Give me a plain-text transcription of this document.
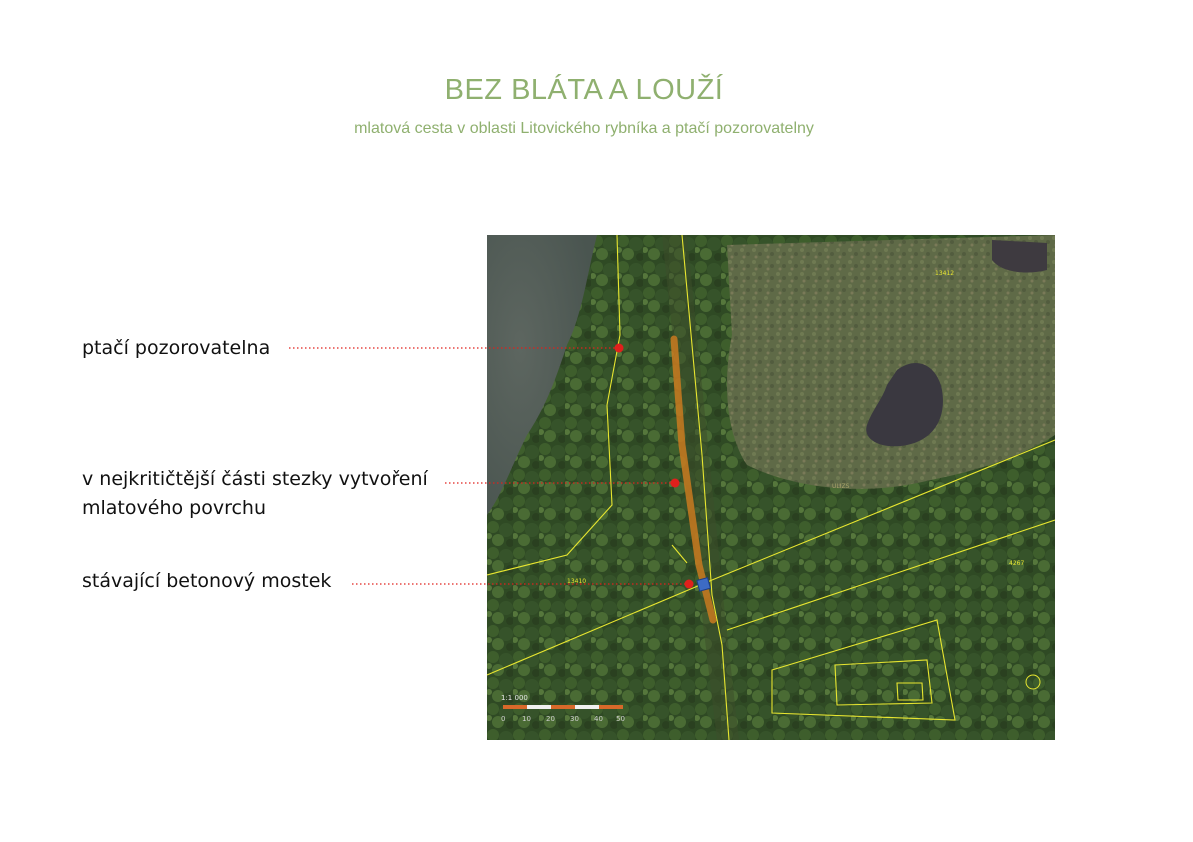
BEZ BLÁTA A LOUŽÍ
mlatová cesta v oblasti Litovického rybníka a ptačí pozorovatelny
ptačí pozorovatelna
v nejkritičtější části stezky vytvoření
mlatového povrchu
stávající betonový mostek
13412
13410
4267
ULIZS
1:1 000
0 10 20 30 40 50
